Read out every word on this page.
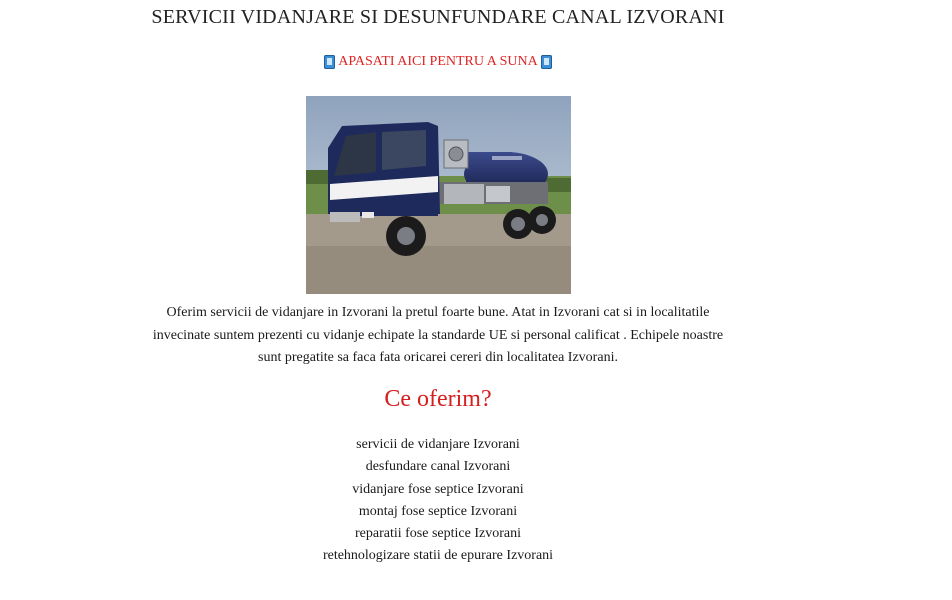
SERVICII VIDANJARE SI DESUNFUNDARE CANAL IZVORANI
APASATI AICI PENTRU A SUNA

Oferim servicii de vidanjare in Izvorani la pretul foarte bune. Atat in Izvorani cat si in localitatile invecinate suntem prezenti cu vidanje echipate la standarde UE si personal calificat . Echipele noastre sunt pregatite sa faca fata oricarei cereri din localitatea Izvorani.

Ce oferim?
servicii de vidanjare Izvorani
desfundare canal Izvorani
vidanjare fose septice Izvorani
montaj fose septice Izvorani
reparatii fose septice Izvorani
retehnologizare statii de epurare Izvorani
